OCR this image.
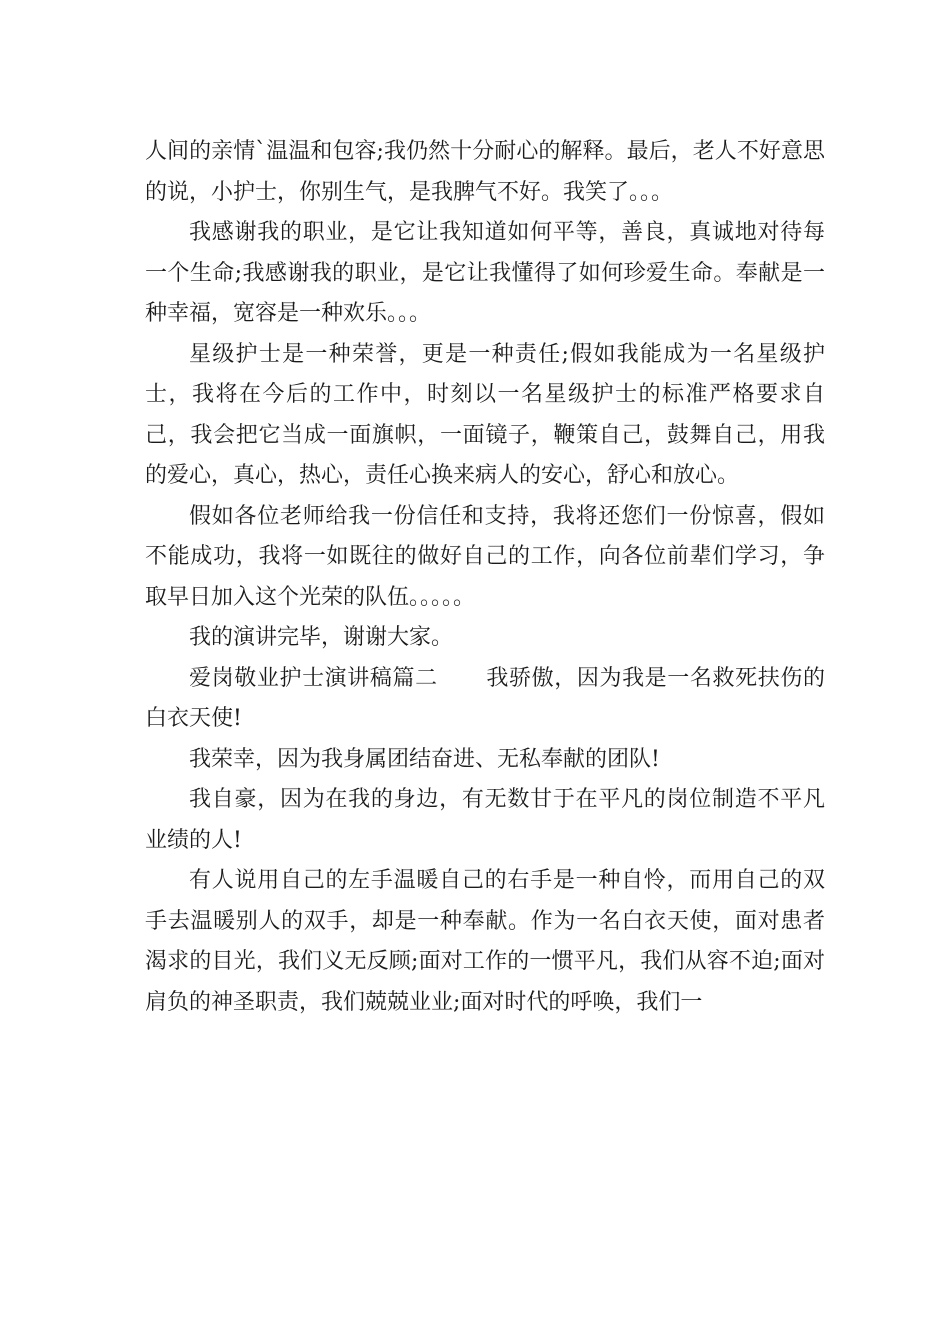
人间的亲情`温温和包容;我仍然十分耐心的解释。最后，老人不好意思的说，小护士，你别生气，是我脾气不好。我笑了。。。

我感谢我的职业，是它让我知道如何平等，善良，真诚地对待每一个生命;我感谢我的职业，是它让我懂得了如何珍爱生命。奉献是一种幸福，宽容是一种欢乐。。。

星级护士是一种荣誉，更是一种责任;假如我能成为一名星级护士，我将在今后的工作中，时刻以一名星级护士的标准严格要求自己，我会把它当成一面旗帜，一面镜子，鞭策自己，鼓舞自己，用我的爱心，真心，热心，责任心换来病人的安心，舒心和放心。

假如各位老师给我一份信任和支持，我将还您们一份惊喜，假如不能成功，我将一如既往的做好自己的工作，向各位前辈们学习，争取早日加入这个光荣的队伍。。。。。

我的演讲完毕，谢谢大家。

爱岗敬业护士演讲稿篇二 我骄傲，因为我是一名救死扶伤的白衣天使!

我荣幸，因为我身属团结奋进、无私奉献的团队!

我自豪，因为在我的身边，有无数甘于在平凡的岗位制造不平凡业绩的人!

有人说用自己的左手温暖自己的右手是一种自怜，而用自己的双手去温暖别人的双手，却是一种奉献。作为一名白衣天使，面对患者渴求的目光，我们义无反顾;面对工作的一惯平凡，我们从容不迫;面对肩负的神圣职责，我们兢兢业业;面对时代的呼唤，我们一
